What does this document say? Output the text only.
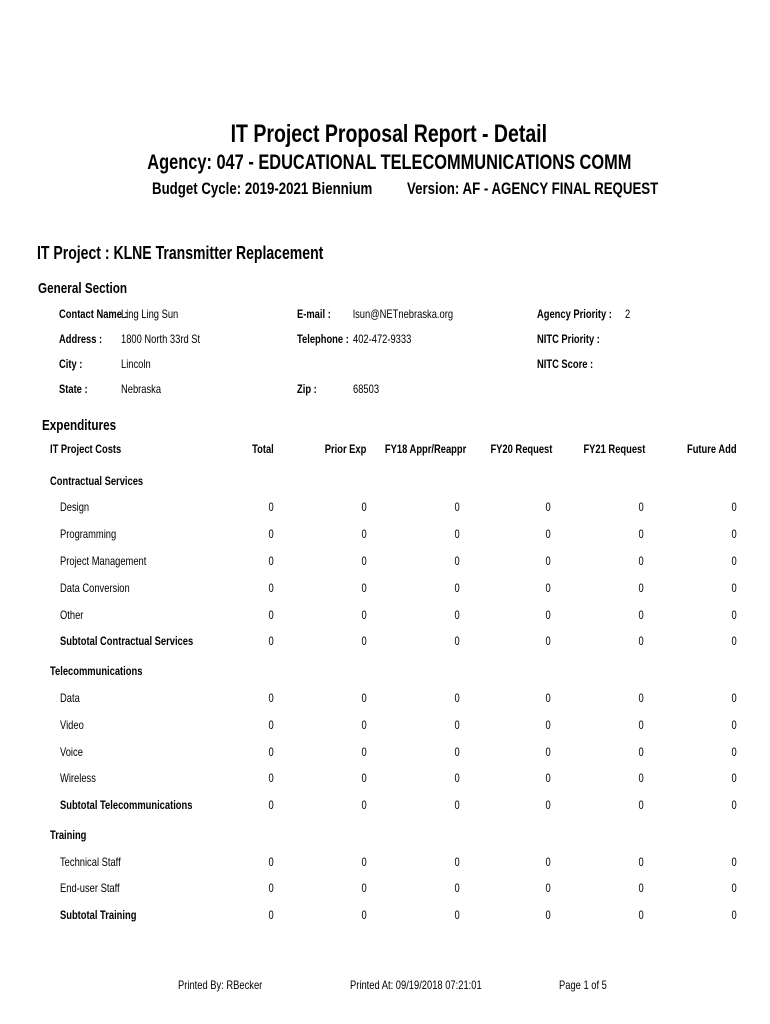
IT Project Proposal Report - Detail
Agency: 047 - EDUCATIONAL TELECOMMUNICATIONS COMM
Budget Cycle: 2019-2021 Biennium	Version: AF - AGENCY FINAL REQUEST
IT Project : KLNE Transmitter Replacement
General Section
Contact Name :
Ling Ling Sun
Address :	1800 North 33rd St
City :	Lincoln
State :	Nebraska
E-mail :	lsun@NETnebraska.org
Telephone : 402-472-9333
Zip :	68503
Agency Priority :	2
NITC Priority :
NITC Score :
Expenditures
IT Project Costs	Total	Prior Exp	FY18 Appr/Reappr	FY20 Request	FY21 Request	Future Add
Contractual Services
Design	0	0	0	0	0	0
Programming	0	0	0	0	0	0
Project Management	0	0	0	0	0	0
Data Conversion	0	0	0	0	0	0
Other	0	0	0	0	0	0
Subtotal Contractual Services	0	0	0	0	0	0
Telecommunications
Data	0	0	0	0	0	0
Video	0	0	0	0	0	0
Voice	0	0	0	0	0	0
Wireless	0	0	0	0	0	0
Subtotal Telecommunications	0	0	0	0	0	0
Training
Technical Staff	0	0	0	0	0	0
End-user Staff	0	0	0	0	0	0
Subtotal Training	0	0	0	0	0	0
Printed By: RBecker	Printed At: 09/19/2018 07:21:01	Page 1 of 5
